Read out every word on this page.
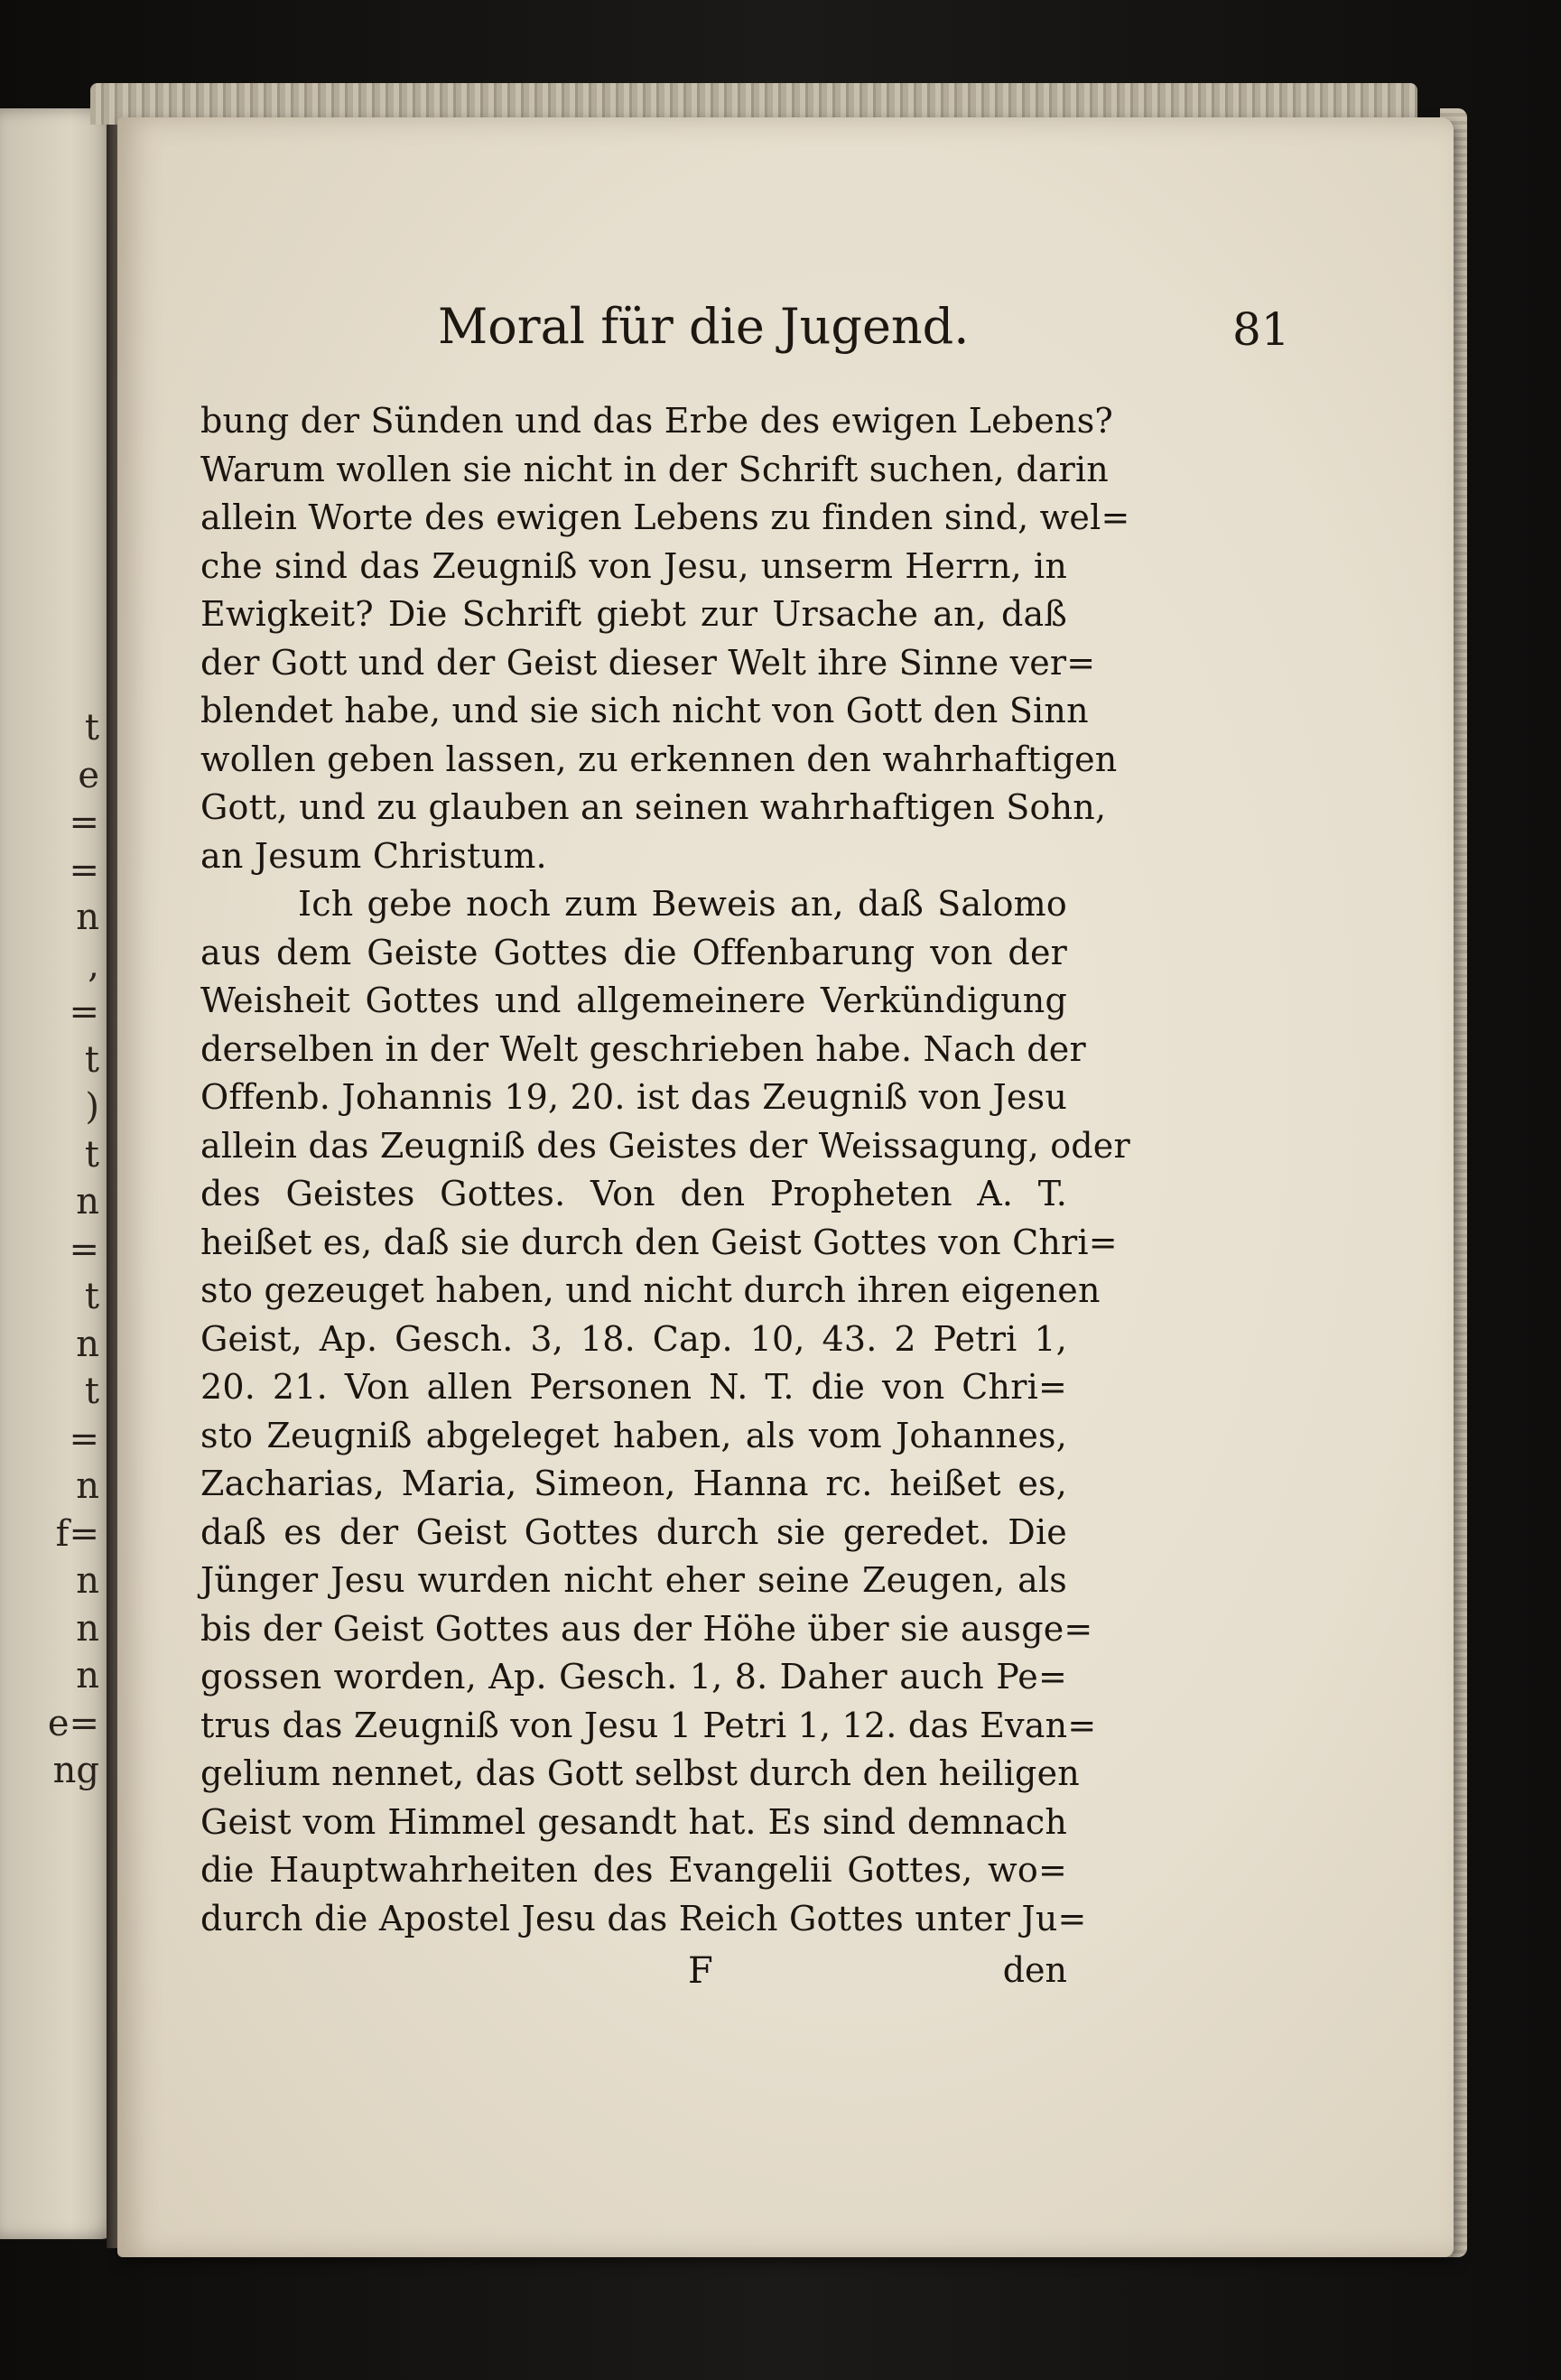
t
e
=
=
n
,
=
t
)
t
n
=
t
n
t
=
n
f=
n
n
n
e=
ng
Moral für die Jugend.	81
bung der Sünden und das Erbe des ewigen Lebens?
Warum wollen sie nicht in der Schrift suchen, darin
allein Worte des ewigen Lebens zu finden sind, wel=
che sind das Zeugniß von Jesu, unserm Herrn, in
Ewigkeit? Die Schrift giebt zur Ursache an, daß
der Gott und der Geist dieser Welt ihre Sinne ver=
blendet habe, und sie sich nicht von Gott den Sinn
wollen geben lassen, zu erkennen den wahrhaftigen
Gott, und zu glauben an seinen wahrhaftigen Sohn,
an Jesum Christum.
Ich gebe noch zum Beweis an, daß Salomo
aus dem Geiste Gottes die Offenbarung von der
Weisheit Gottes und allgemeinere Verkündigung
derselben in der Welt geschrieben habe. Nach der
Offenb. Johannis 19, 20. ist das Zeugniß von Jesu
allein das Zeugniß des Geistes der Weissagung, oder
des Geistes Gottes. Von den Propheten A. T.
heißet es, daß sie durch den Geist Gottes von Chri=
sto gezeuget haben, und nicht durch ihren eigenen
Geist, Ap. Gesch. 3, 18. Cap. 10, 43. 2 Petri 1,
20. 21. Von allen Personen N. T. die von Chri=
sto Zeugniß abgeleget haben, als vom Johannes,
Zacharias, Maria, Simeon, Hanna rc. heißet es,
daß es der Geist Gottes durch sie geredet. Die
Jünger Jesu wurden nicht eher seine Zeugen, als
bis der Geist Gottes aus der Höhe über sie ausge=
gossen worden, Ap. Gesch. 1, 8. Daher auch Pe=
trus das Zeugniß von Jesu 1 Petri 1, 12. das Evan=
gelium nennet, das Gott selbst durch den heiligen
Geist vom Himmel gesandt hat. Es sind demnach
die Hauptwahrheiten des Evangelii Gottes, wo=
durch die Apostel Jesu das Reich Gottes unter Ju=
F	den
